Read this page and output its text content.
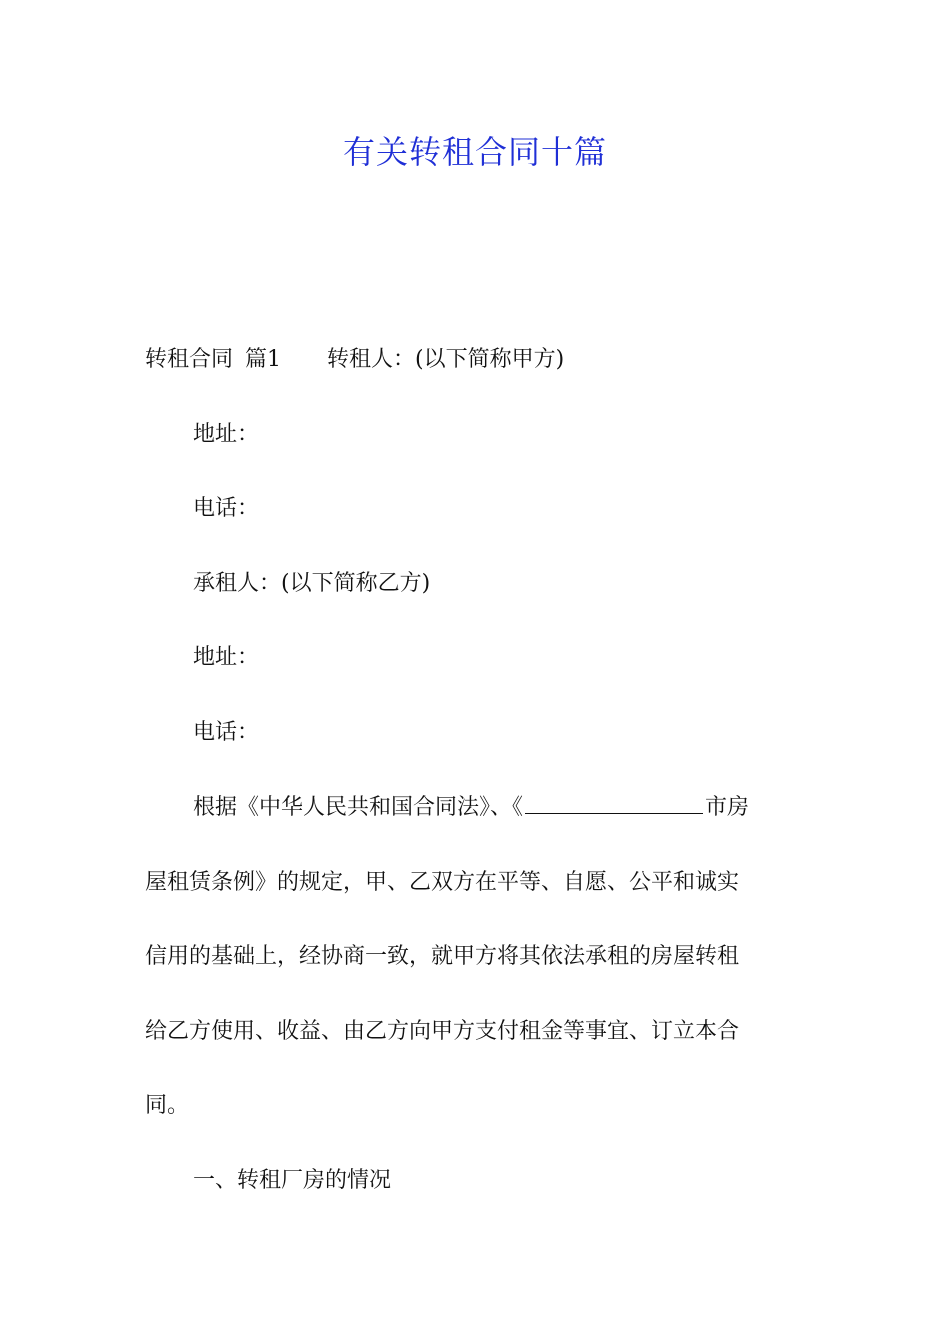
有关转租合同十篇
转租合同 篇1 转租人：(以下简称甲方)
地址：
电话：
承租人：(以下简称乙方)
地址：
电话：
根据《中华人民共和国合同法》、《	市房
屋租赁条例》的规定，甲、乙双方在平等、自愿、公平和诚实
信用的基础上，经协商一致，就甲方将其依法承租的房屋转租
给乙方使用、收益、由乙方向甲方支付租金等事宜、订立本合
同。
一、转租厂房的情况
